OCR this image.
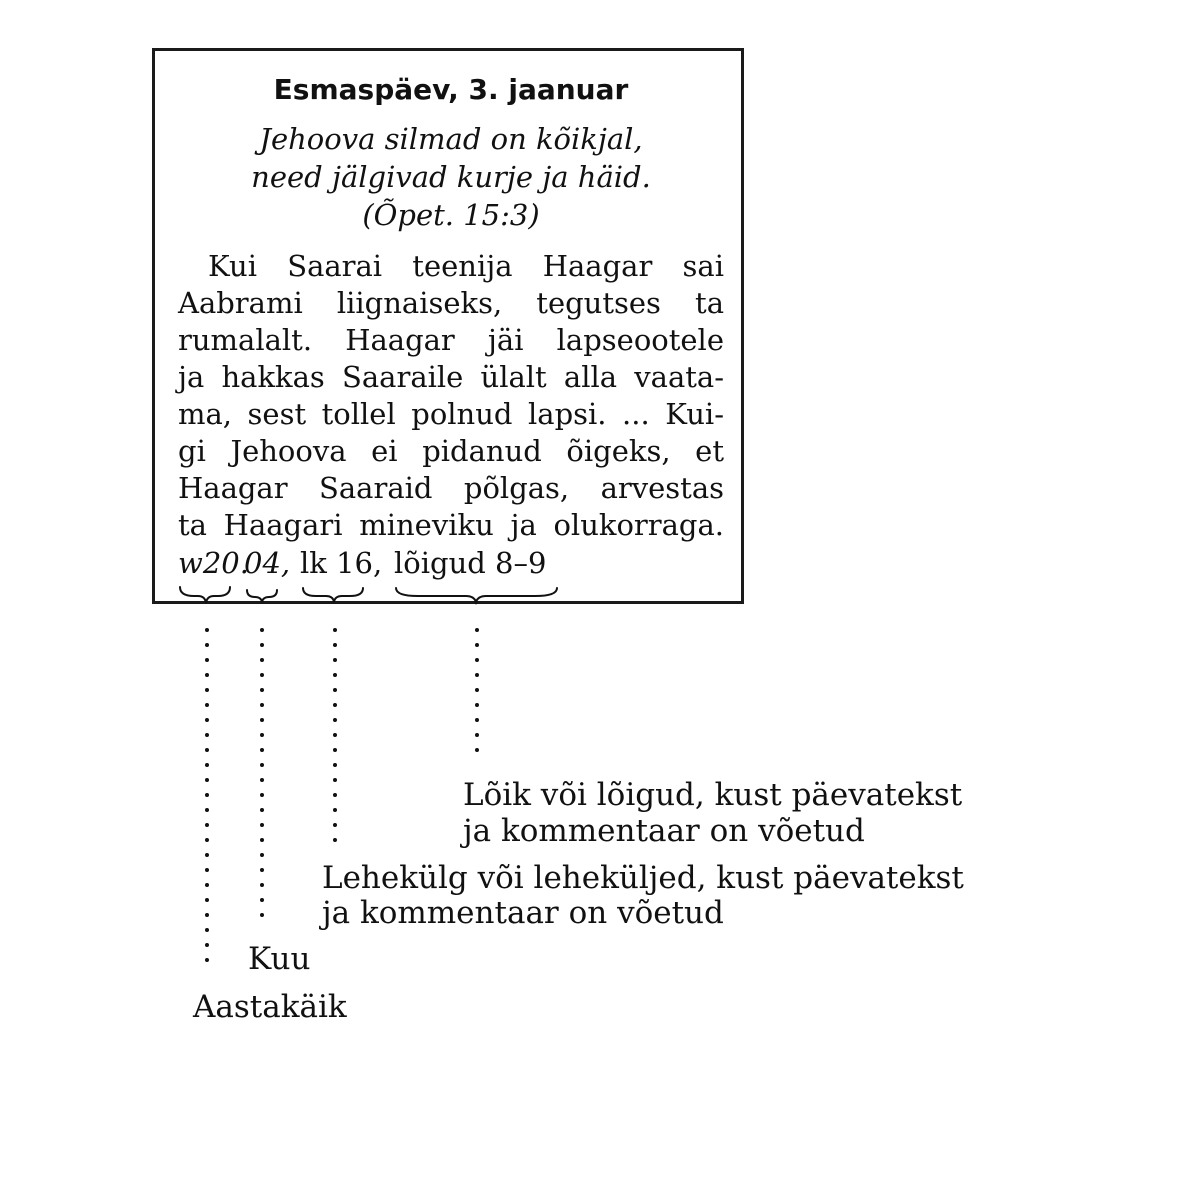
Esmaspäev, 3. jaanuar
Jehoova silmad on kõikjal,
need jälgivad kurje ja häid.
(Õpet. 15:3)
Kui Saarai teenija Haagar sai
Aabrami liignaiseks, tegutses ta
rumalalt. Haagar jäi lapseootele
ja hakkas Saaraile ülalt alla vaata-
ma, sest tollel polnud lapsi. ... Kui-
gi Jehoova ei pidanud õigeks, et
Haagar Saaraid põlgas, arvestas
ta Haagari mineviku ja olukorraga.
w20.
04, lk 16, lõigud 8–9
Lõik või lõigud, kust päevatekst
ja kommentaar on võetud
Lehekülg või leheküljed, kust päevatekst
ja kommentaar on võetud
Kuu
Aastakäik
